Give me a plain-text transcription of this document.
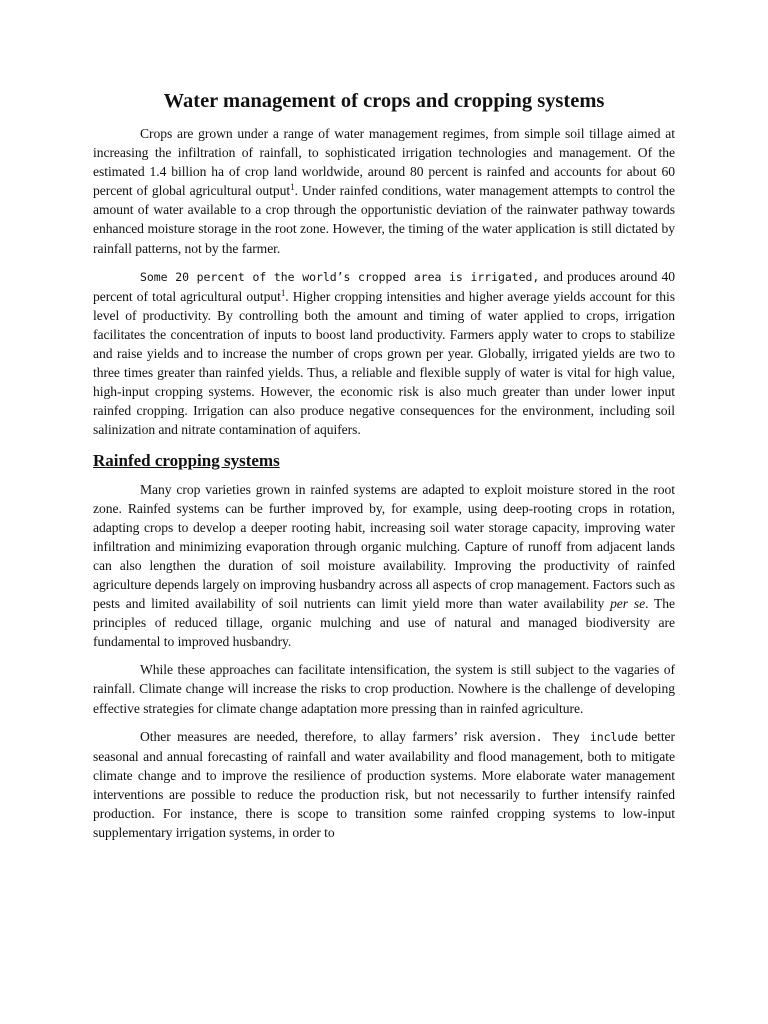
Water management of crops and cropping systems

Crops are grown under a range of water management regimes, from simple soil tillage aimed at increasing the infiltration of rainfall, to sophisticated irrigation technologies and management. Of the estimated 1.4 billion ha of crop land worldwide, around 80 percent is rainfed and accounts for about 60 percent of global agricultural output$^1$. Under rainfed conditions, water management attempts to control the amount of water available to a crop through the opportunistic deviation of the rainwater pathway towards enhanced moisture storage in the root zone. However, the timing of the water application is still dictated by rainfall patterns, not by the farmer.

Some 20 percent of the world’s cropped area is irrigated, and produces around 40 percent of total agricultural output$^1$. Higher cropping intensities and higher average yields account for this level of productivity. By controlling both the amount and timing of water applied to crops, irrigation facilitates the concentration of inputs to boost land productivity. Farmers apply water to crops to stabilize and raise yields and to increase the number of crops grown per year. Globally, irrigated yields are two to three times greater than rainfed yields. Thus, a reliable and flexible supply of water is vital for high value, high-input cropping systems. However, the economic risk is also much greater than under lower input rainfed cropping. Irrigation can also produce negative consequences for the environment, including soil salinization and nitrate contamination of aquifers.

Rainfed cropping systems

Many crop varieties grown in rainfed systems are adapted to exploit moisture stored in the root zone. Rainfed systems can be further improved by, for example, using deep-rooting crops in rotation, adapting crops to develop a deeper rooting habit, increasing soil water storage capacity, improving water infiltration and minimizing evaporation through organic mulching. Capture of runoff from adjacent lands can also lengthen the duration of soil moisture availability. Improving the productivity of rainfed agriculture depends largely on improving husbandry across all aspects of crop management. Factors such as pests and limited availability of soil nutrients can limit yield more than water availability per se. The principles of reduced tillage, organic mulching and use of natural and managed biodiversity are fundamental to improved husbandry.

While these approaches can facilitate intensification, the system is still subject to the vagaries of rainfall. Climate change will increase the risks to crop production. Nowhere is the challenge of developing effective strategies for climate change adaptation more pressing than in rainfed agriculture.

Other measures are needed, therefore, to allay farmers’ risk aversion. They include better seasonal and annual forecasting of rainfall and water availability and flood management, both to mitigate climate change and to improve the resilience of production systems. More elaborate water management interventions are possible to reduce the production risk, but not necessarily to further intensify rainfed production. For instance, there is scope to transition some rainfed cropping systems to low-input supplementary irrigation systems, in order to
